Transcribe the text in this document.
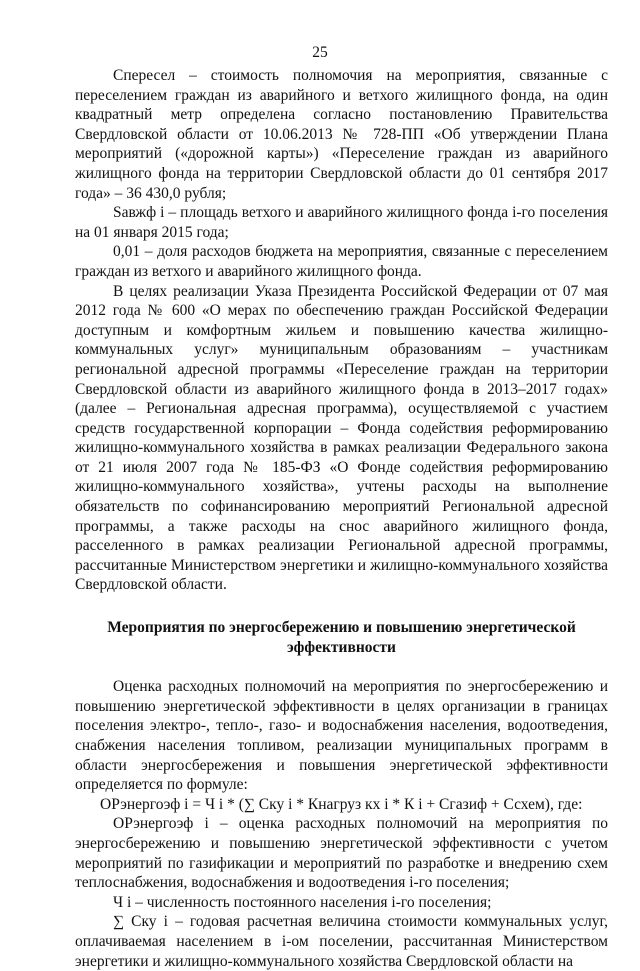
25

Спересел – стоимость полномочия на мероприятия, связанные с переселением граждан из аварийного и ветхого жилищного фонда, на один квадратный метр определена согласно постановлению Правительства Свердловской области от 10.06.2013 № 728-ПП «Об утверждении Плана мероприятий («дорожной карты») «Переселение граждан из аварийного жилищного фонда на территории Свердловской области до 01 сентября 2017 года» – 36 430,0 рубля;

Sавжф i – площадь ветхого и аварийного жилищного фонда i-го поселения на 01 января 2015 года;

0,01 – доля расходов бюджета на мероприятия, связанные с переселением граждан из ветхого и аварийного жилищного фонда.

В целях реализации Указа Президента Российской Федерации от 07 мая 2012 года № 600 «О мерах по обеспечению граждан Российской Федерации доступным и комфортным жильем и повышению качества жилищно-коммунальных услуг» муниципальным образованиям – участникам региональной адресной программы «Переселение граждан на территории Свердловской области из аварийного жилищного фонда в 2013–2017 годах» (далее – Региональная адресная программа), осуществляемой с участием средств государственной корпорации – Фонда содействия реформированию жилищно-коммунального хозяйства в рамках реализации Федерального закона от 21 июля 2007 года № 185-ФЗ «О Фонде содействия реформированию жилищно-коммунального хозяйства», учтены расходы на выполнение обязательств по софинансированию мероприятий Региональной адресной программы, а также расходы на снос аварийного жилищного фонда, расселенного в рамках реализации Региональной адресной программы, рассчитанные Министерством энергетики и жилищно-коммунального хозяйства Свердловской области.

Мероприятия по энергосбережению и повышению энергетической эффективности

Оценка расходных полномочий на мероприятия по энергосбережению и повышению энергетической эффективности в целях организации в границах поселения электро-, тепло-, газо- и водоснабжения населения, водоотведения, снабжения населения топливом, реализации муниципальных программ в области энергосбережения и повышения энергетической эффективности определяется по формуле:

ОРэнергоэф i = Ч i * (∑ Cку i * Кнагруз кх i * К i + Сгазиф + Ссхем), где:

ОРэнергоэф i – оценка расходных полномочий на мероприятия по энергосбережению и повышению энергетической эффективности с учетом мероприятий по газификации и мероприятий по разработке и внедрению схем теплоснабжения, водоснабжения и водоотведения i-го поселения;

Ч i – численность постоянного населения i-го поселения;

∑ Cку i – годовая расчетная величина стоимости коммунальных услуг, оплачиваемая населением в i-ом поселении, рассчитанная Министерством энергетики и жилищно-коммунального хозяйства Свердловской области на
